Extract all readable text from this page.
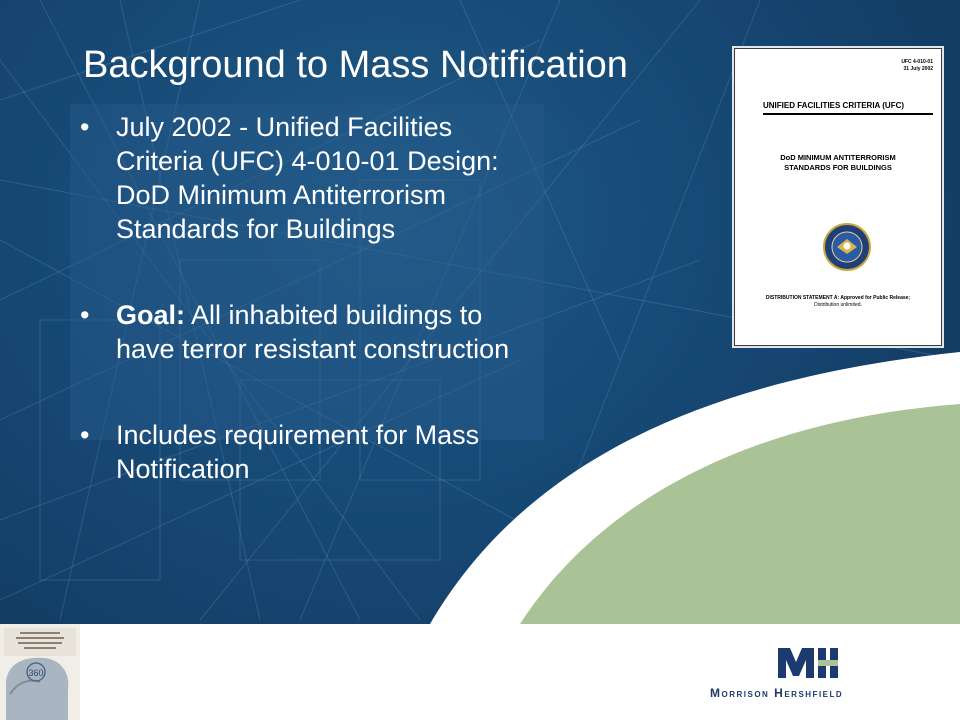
Background to Mass Notification
• July 2002 - Unified Facilities Criteria (UFC) 4-010-01 Design: DoD Minimum Antiterrorism Standards for Buildings
• Goal: All inhabited buildings to have terror resistant construction
• Includes requirement for Mass Notification
UFC 4-010-01
31 July 2002
UNIFIED FACILITIES CRITERIA (UFC)
DoD MINIMUM ANTITERRORISM
STANDARDS FOR BUILDINGS
DISTRIBUTION STATEMENT A: Approved for Public Release;
Distribution unlimited.
360
Morrison Hershfield
